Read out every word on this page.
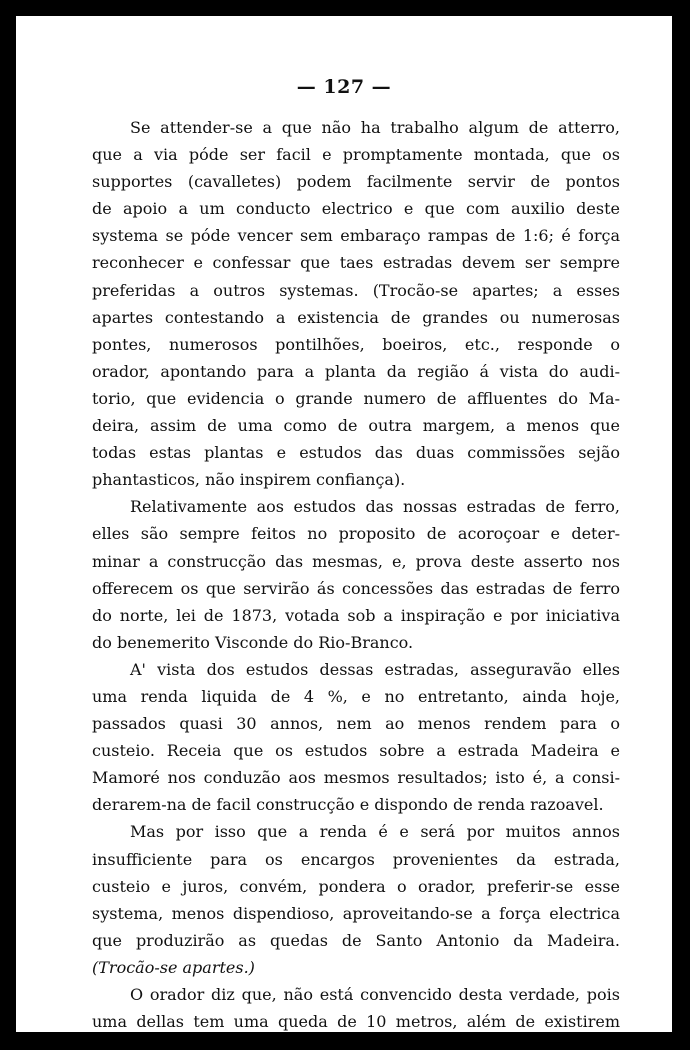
— 127 —

Se attender-se a que não ha trabalho algum de atterro,
que a via póde ser facil e promptamente montada, que os
supportes (cavalletes) podem facilmente servir de pontos
de apoio a um conducto electrico e que com auxilio deste
systema se póde vencer sem embaraço rampas de 1:6; é força
reconhecer e confessar que taes estradas devem ser sempre
preferidas a outros systemas. (Trocão-se apartes; a esses
apartes contestando a existencia de grandes ou numerosas
pontes, numerosos pontilhões, boeiros, etc., responde o
orador, apontando para a planta da região á vista do audi-
torio, que evidencia o grande numero de affluentes do Ma-
deira, assim de uma como de outra margem, a menos que
todas estas plantas e estudos das duas commissões sejão
phantasticos, não inspirem confiança).

Relativamente aos estudos das nossas estradas de ferro,
elles são sempre feitos no proposito de acoroçoar e deter-
minar a construcção das mesmas, e, prova deste asserto nos
offerecem os que servirão ás concessões das estradas de ferro
do norte, lei de 1873, votada sob a inspiração e por iniciativa
do benemerito Visconde do Rio-Branco.

A' vista dos estudos dessas estradas, asseguravão elles
uma renda liquida de 4 %, e no entretanto, ainda hoje,
passados quasi 30 annos, nem ao menos rendem para o
custeio. Receia que os estudos sobre a estrada Madeira e
Mamoré nos conduzão aos mesmos resultados; isto é, a consi-
derarem-na de facil construcção e dispondo de renda razoavel.

Mas por isso que a renda é e será por muitos annos
insufficiente para os encargos provenientes da estrada,
custeio e juros, convém, pondera o orador, preferir-se esse
systema, menos dispendioso, aproveitando-se a força electrica
que produzirão as quedas de Santo Antonio da Madeira.
(Trocão-se apartes.)

O orador diz que, não está convencido desta verdade, pois
uma dellas tem uma queda de 10 metros, além de existirem
